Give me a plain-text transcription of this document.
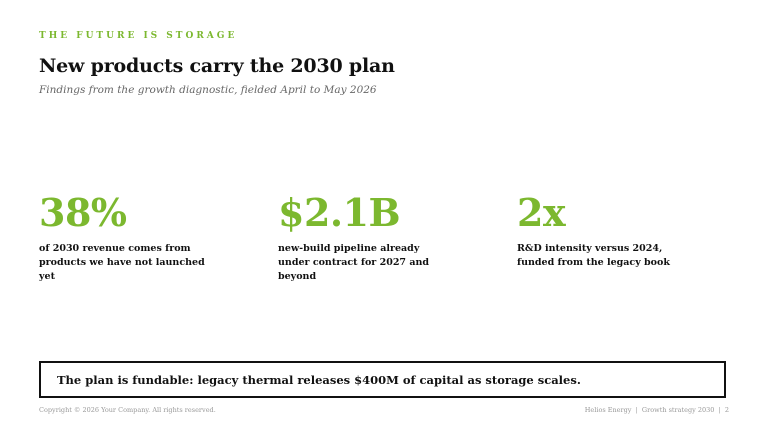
THE FUTURE IS STORAGE
New products carry the 2030 plan
Findings from the growth diagnostic, fielded April to May 2026
38%
of 2030 revenue comes from products we have not launched yet
$2.1B
new-build pipeline already under contract for 2027 and beyond
2x
R&D intensity versus 2024, funded from the legacy book
The plan is fundable: legacy thermal releases $400M of capital as storage scales.
Copyright © 2026 Your Company. All rights reserved.	Helios Energy  |  Growth strategy 2030  |  2
